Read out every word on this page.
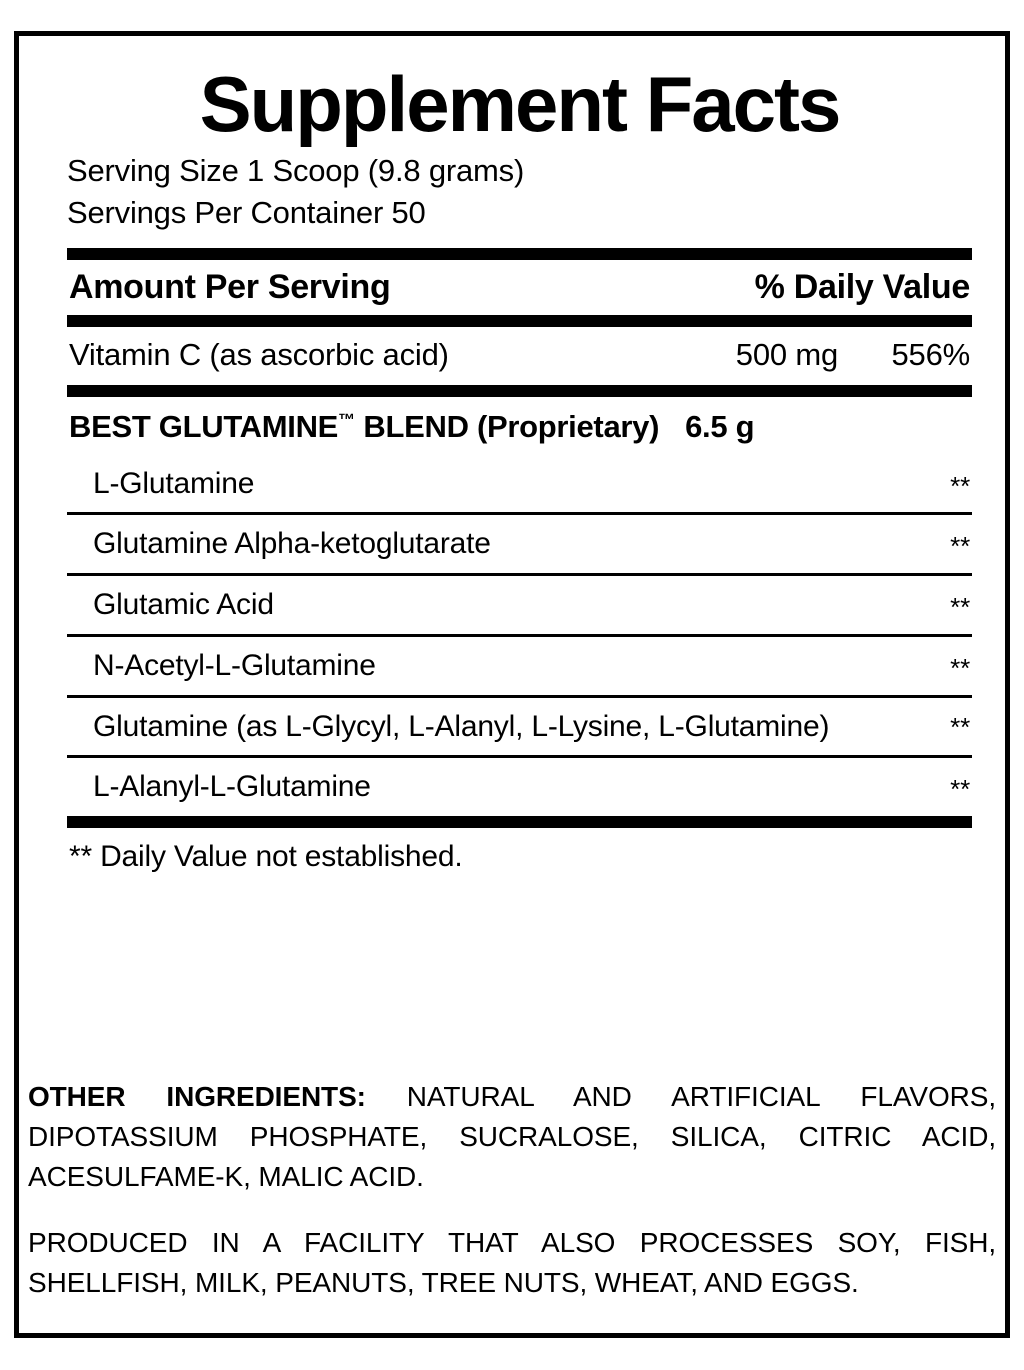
Supplement Facts
Serving Size 1 Scoop (9.8 grams)
Servings Per Container 50
Amount Per Serving	% Daily Value
Vitamin C (as ascorbic acid)	500 mg	556%
BEST GLUTAMINE™ BLEND (Proprietary) 6.5 g
L-Glutamine	**
Glutamine Alpha-ketoglutarate	**
Glutamic Acid	**
N-Acetyl-L-Glutamine	**
Glutamine (as L-Glycyl, L-Alanyl, L-Lysine, L-Glutamine)	**
L-Alanyl-L-Glutamine	**
** Daily Value not established.

OTHER INGREDIENTS: NATURAL AND ARTIFICIAL FLAVORS, DIPOTASSIUM PHOSPHATE, SUCRALOSE, SILICA, CITRIC ACID, ACESULFAME-K, MALIC ACID.

PRODUCED IN A FACILITY THAT ALSO PROCESSES SOY, FISH, SHELLFISH, MILK, PEANUTS, TREE NUTS, WHEAT, AND EGGS.
